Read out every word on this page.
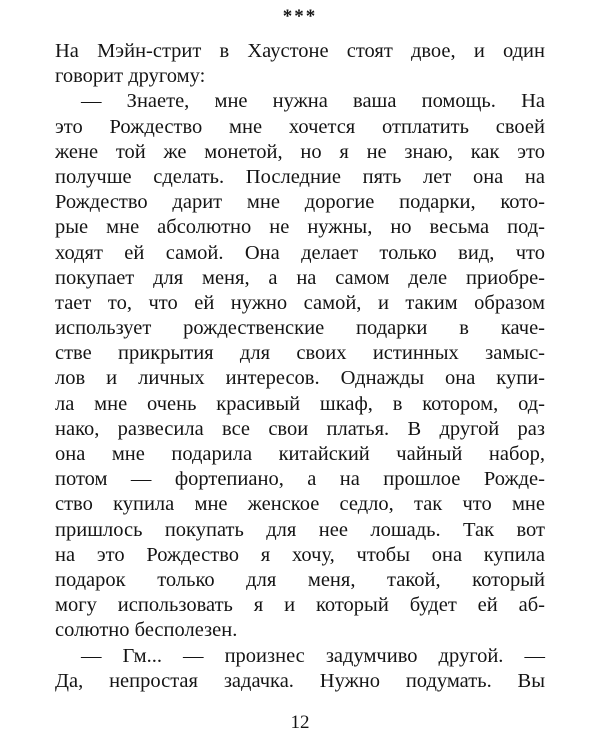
***
На Мэйн-стрит в Хаустоне стоят двое, и один
говорит другому:
— Знаете, мне нужна ваша помощь. На
это Рождество мне хочется отплатить своей
жене той же монетой, но я не знаю, как это
получше сделать. Последние пять лет она на
Рождество дарит мне дорогие подарки, кото-
рые мне абсолютно не нужны, но весьма под-
ходят ей самой. Она делает только вид, что
покупает для меня, а на самом деле приобре-
тает то, что ей нужно самой, и таким образом
использует рождественские подарки в каче-
стве прикрытия для своих истинных замыс-
лов и личных интересов. Однажды она купи-
ла мне очень красивый шкаф, в котором, од-
нако, развесила все свои платья. В другой раз
она мне подарила китайский чайный набор,
потом — фортепиано, а на прошлое Рожде-
ство купила мне женское седло, так что мне
пришлось покупать для нее лошадь. Так вот
на это Рождество я хочу, чтобы она купила
подарок только для меня, такой, который
могу использовать я и который будет ей аб-
солютно бесполезен.
— Гм... — произнес задумчиво другой. —
Да, непростая задачка. Нужно подумать. Вы
12
